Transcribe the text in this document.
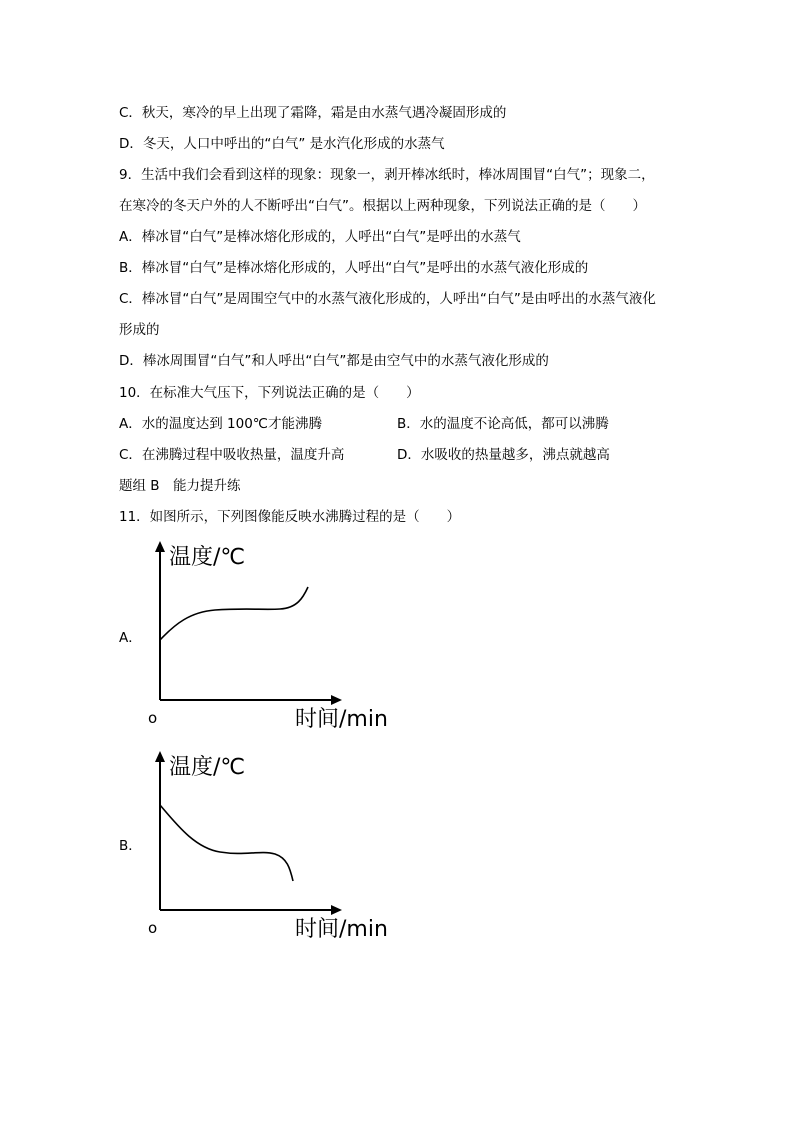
C．秋天，寒冷的早上出现了霜降，霜是由水蒸气遇冷凝固形成的
D．冬天，人口中呼出的“白气” 是水汽化形成的水蒸气
9．生活中我们会看到这样的现象：现象一，剥开棒冰纸时，棒冰周围冒“白气”；现象二，
在寒冷的冬天户外的人不断呼出“白气”。根据以上两种现象，下列说法正确的是（　　）
A．棒冰冒“白气”是棒冰熔化形成的，人呼出“白气”是呼出的水蒸气
B．棒冰冒“白气”是棒冰熔化形成的，人呼出“白气”是呼出的水蒸气液化形成的
C．棒冰冒“白气”是周围空气中的水蒸气液化形成的，人呼出“白气”是由呼出的水蒸气液化
形成的
D．棒冰周围冒“白气”和人呼出“白气”都是由空气中的水蒸气液化形成的
10．在标准大气压下，下列说法正确的是（　　）
A．水的温度达到 100℃才能沸腾	B．水的温度不论高低，都可以沸腾
C．在沸腾过程中吸收热量，温度升高	D．水吸收的热量越多，沸点就越高
题组 B　能力提升练
11．如图所示，下列图像能反映水沸腾过程的是（　　）
A．
温度/℃
时间/min
o
B．
温度/℃
时间/min
o
